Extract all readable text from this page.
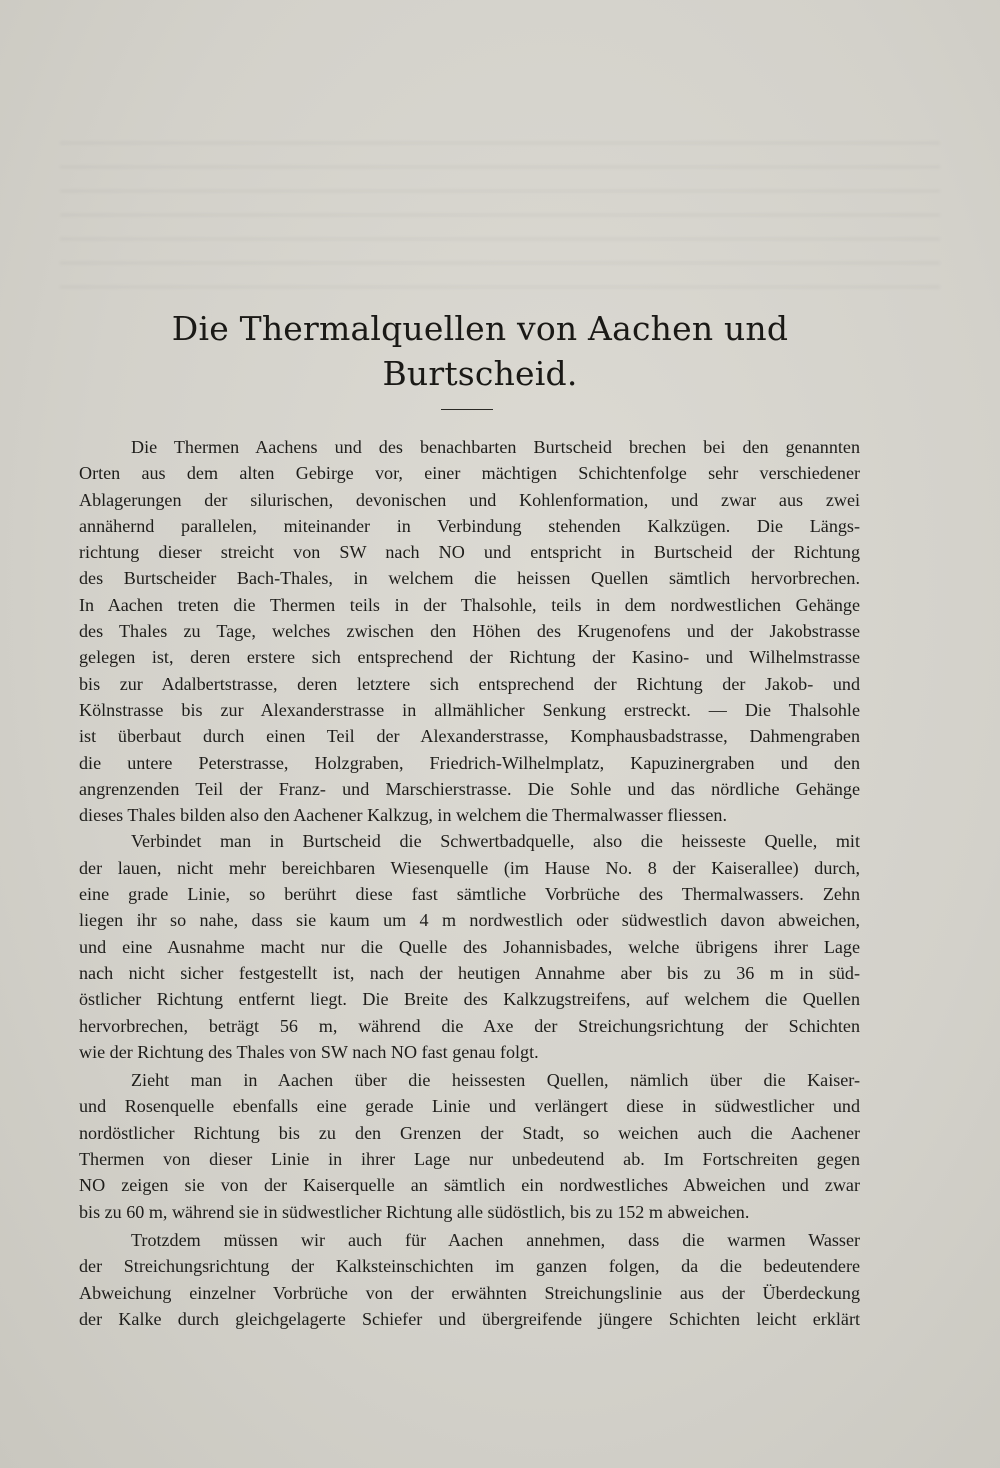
Die Thermalquellen von Aachen und
Burtscheid.
Die Thermen Aachens und des benachbarten Burtscheid brechen bei den genannten
Orten aus dem alten Gebirge vor, einer mächtigen Schichtenfolge sehr verschiedener
Ablagerungen der silurischen, devonischen und Kohlenformation, und zwar aus zwei
annähernd parallelen, miteinander in Verbindung stehenden Kalkzügen. Die Längs-
richtung dieser streicht von SW nach NO und entspricht in Burtscheid der Richtung
des Burtscheider Bach-Thales, in welchem die heissen Quellen sämtlich hervorbrechen.
In Aachen treten die Thermen teils in der Thalsohle, teils in dem nordwestlichen Gehänge
des Thales zu Tage, welches zwischen den Höhen des Krugenofens und der Jakobstrasse
gelegen ist, deren erstere sich entsprechend der Richtung der Kasino- und Wilhelmstrasse
bis zur Adalbertstrasse, deren letztere sich entsprechend der Richtung der Jakob- und
Kölnstrasse bis zur Alexanderstrasse in allmählicher Senkung erstreckt. — Die Thalsohle
ist überbaut durch einen Teil der Alexanderstrasse, Komphausbadstrasse, Dahmengraben
die untere Peterstrasse, Holzgraben, Friedrich-Wilhelmplatz, Kapuzinergraben und den
angrenzenden Teil der Franz- und Marschierstrasse. Die Sohle und das nördliche Gehänge
dieses Thales bilden also den Aachener Kalkzug, in welchem die Thermalwasser fliessen.
Verbindet man in Burtscheid die Schwertbadquelle, also die heisseste Quelle, mit
der lauen, nicht mehr bereichbaren Wiesenquelle (im Hause No. 8 der Kaiserallee) durch,
eine grade Linie, so berührt diese fast sämtliche Vorbrüche des Thermalwassers. Zehn
liegen ihr so nahe, dass sie kaum um 4 m nordwestlich oder südwestlich davon abweichen,
und eine Ausnahme macht nur die Quelle des Johannisbades, welche übrigens ihrer Lage
nach nicht sicher festgestellt ist, nach der heutigen Annahme aber bis zu 36 m in süd-
östlicher Richtung entfernt liegt. Die Breite des Kalkzugstreifens, auf welchem die Quellen
hervorbrechen, beträgt 56 m, während die Axe der Streichungsrichtung der Schichten
wie der Richtung des Thales von SW nach NO fast genau folgt.
Zieht man in Aachen über die heissesten Quellen, nämlich über die Kaiser-
und Rosenquelle ebenfalls eine gerade Linie und verlängert diese in südwestlicher und
nordöstlicher Richtung bis zu den Grenzen der Stadt, so weichen auch die Aachener
Thermen von dieser Linie in ihrer Lage nur unbedeutend ab. Im Fortschreiten gegen
NO zeigen sie von der Kaiserquelle an sämtlich ein nordwestliches Abweichen und zwar
bis zu 60 m, während sie in südwestlicher Richtung alle südöstlich, bis zu 152 m abweichen.
Trotzdem müssen wir auch für Aachen annehmen, dass die warmen Wasser
der Streichungsrichtung der Kalksteinschichten im ganzen folgen, da die bedeutendere
Abweichung einzelner Vorbrüche von der erwähnten Streichungslinie aus der Überdeckung
der Kalke durch gleichgelagerte Schiefer und übergreifende jüngere Schichten leicht erklärt
